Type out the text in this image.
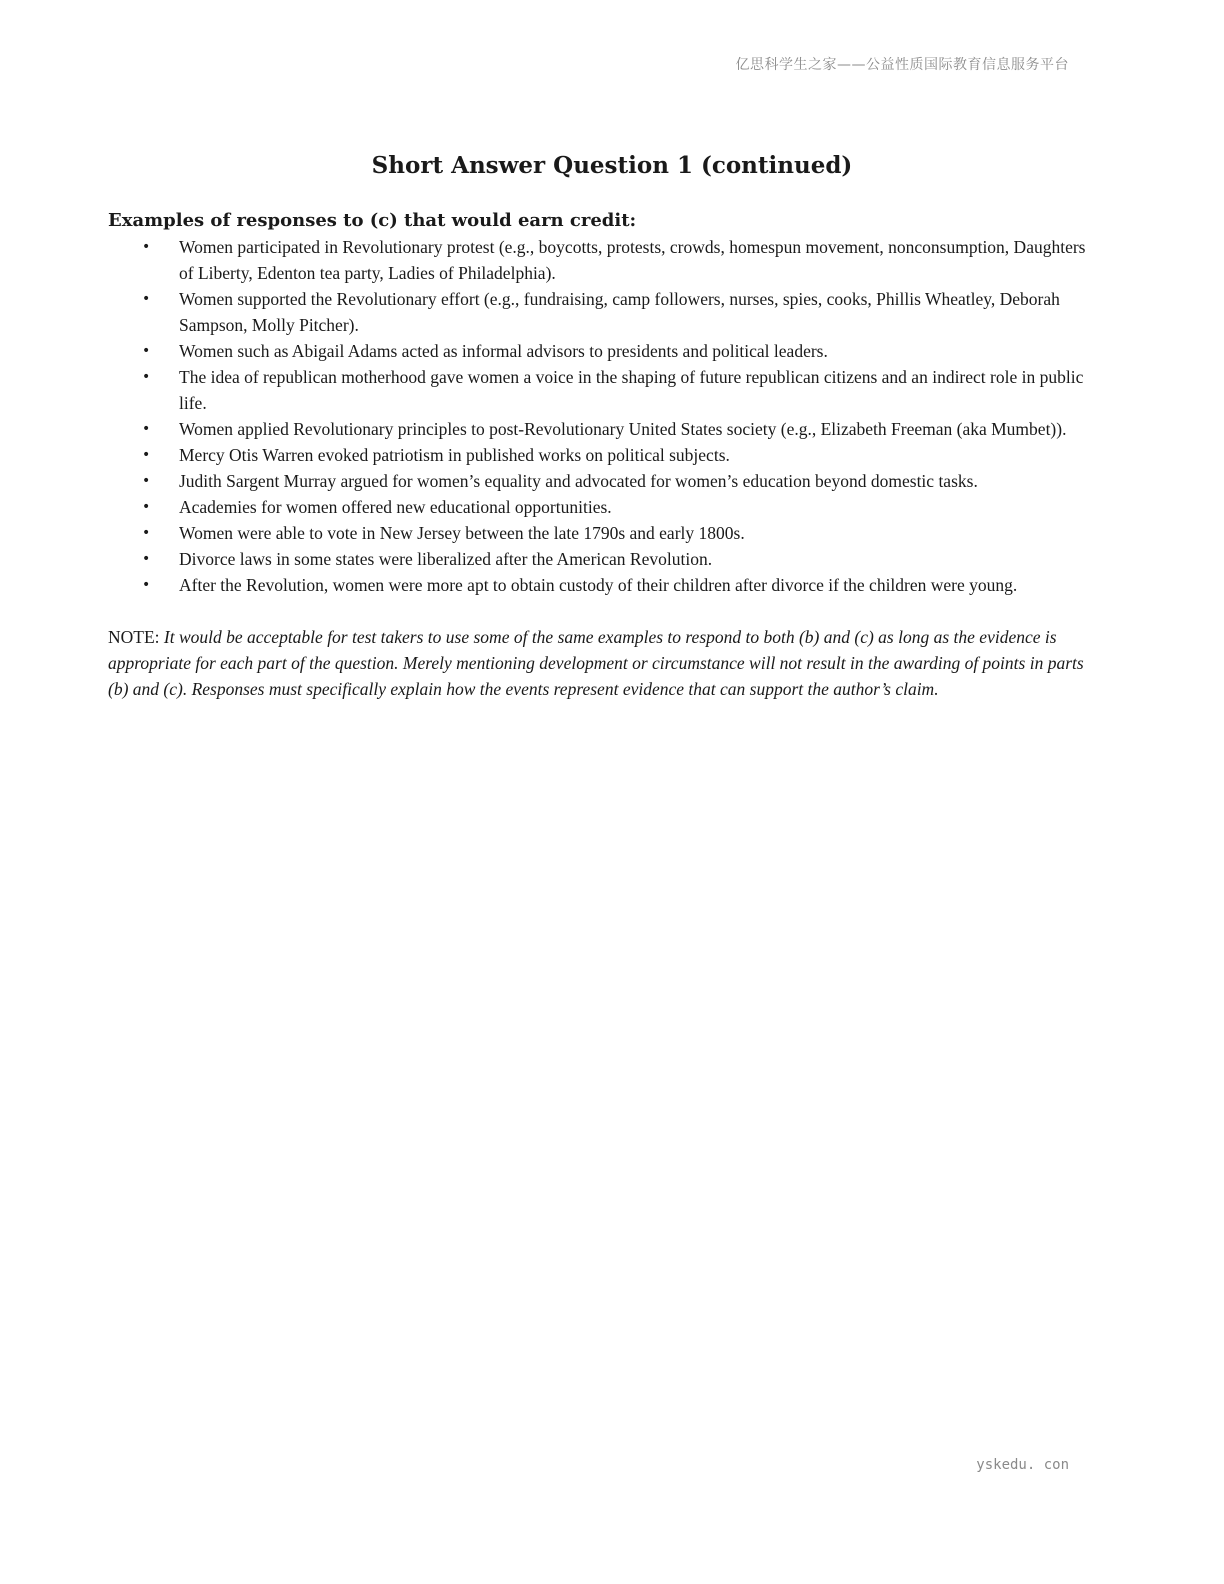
亿思科学生之家——公益性质国际教育信息服务平台
Short Answer Question 1 (continued)

Examples of responses to (c) that would earn credit:

• Women participated in Revolutionary protest (e.g., boycotts, protests, crowds, homespun movement, nonconsumption, Daughters of Liberty, Edenton tea party, Ladies of Philadelphia).
• Women supported the Revolutionary effort (e.g., fundraising, camp followers, nurses, spies, cooks, Phillis Wheatley, Deborah Sampson, Molly Pitcher).
• Women such as Abigail Adams acted as informal advisors to presidents and political leaders.
• The idea of republican motherhood gave women a voice in the shaping of future republican citizens and an indirect role in public life.
• Women applied Revolutionary principles to post-Revolutionary United States society (e.g., Elizabeth Freeman (aka Mumbet)).
• Mercy Otis Warren evoked patriotism in published works on political subjects.
• Judith Sargent Murray argued for women’s equality and advocated for women’s education beyond domestic tasks.
• Academies for women offered new educational opportunities.
• Women were able to vote in New Jersey between the late 1790s and early 1800s.
• Divorce laws in some states were liberalized after the American Revolution.
• After the Revolution, women were more apt to obtain custody of their children after divorce if the children were young.

NOTE: It would be acceptable for test takers to use some of the same examples to respond to both (b) and (c) as long as the evidence is appropriate for each part of the question. Merely mentioning development or circumstance will not result in the awarding of points in parts (b) and (c). Responses must specifically explain how the events represent evidence that can support the author’s claim.

yskedu. con
